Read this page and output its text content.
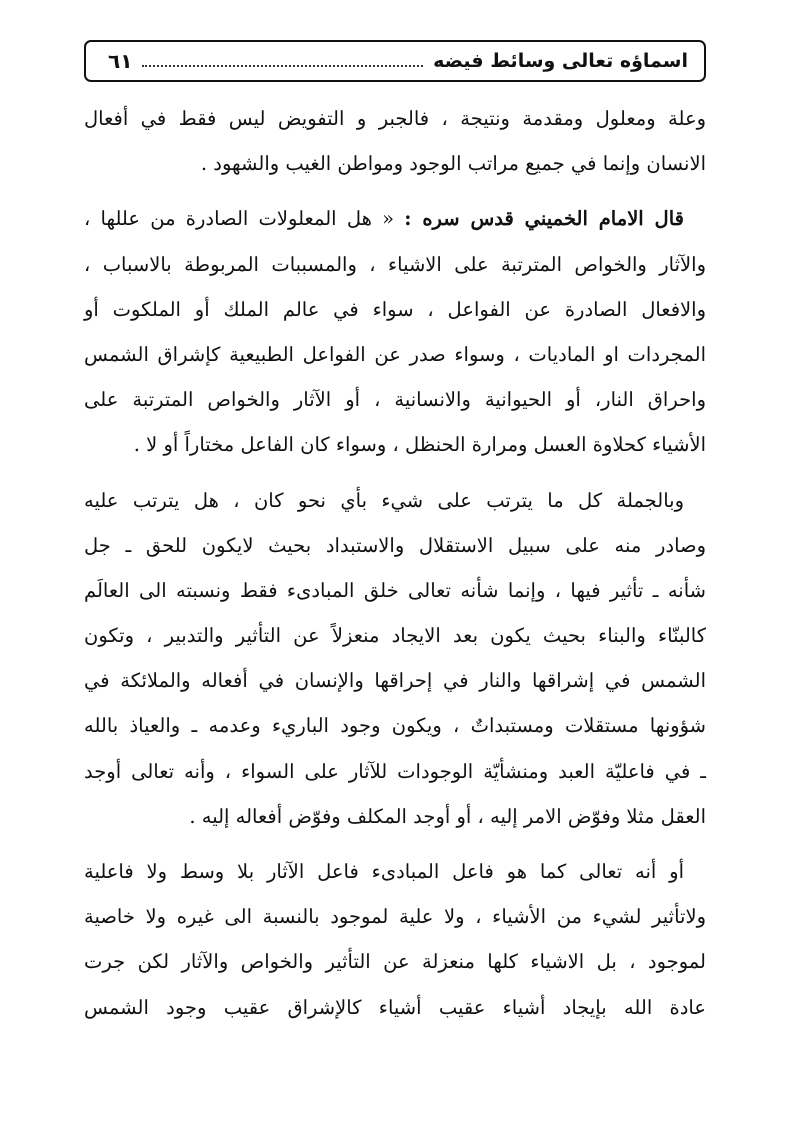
٦١	اسماؤه تعالى وسائط فيضه
وعلة ومعلول ومقدمة ونتيجة ، فالجبر و التفويض ليس فقط في أفعال
الانسان وإنما في جميع مراتب الوجود ومواطن الغيب والشهود .
قال الامام الخميني قدس سره : « هل المعلولات الصادرة من عللها ،
والآثار والخواص المترتبة على الاشياء ، والمسببات المربوطة بالاسباب ،
والافعال الصادرة عن الفواعل ، سواء في عالم الملك أو الملكوت أو
المجردات او الماديات ، وسواء صدر عن الفواعل الطبيعية كإشراق الشمس
واحراق النار، أو الحيوانية والانسانية ، أو الآثار والخواص المترتبة على
الأشياء كحلاوة العسل ومرارة الحنظل ، وسواء كان الفاعل مختاراً أو لا .
وبالجملة كل ما يترتب على شيء بأي نحو كان ، هل يترتب عليه
وصادر منه على سبيل الاستقلال والاستبداد بحيث لايكون للحق ـ جل
شأنه ـ تأثير فيها ، وإنما شأنه تعالى خلق المبادىء فقط ونسبته الى العالَم
كالبنّاء والبناء بحيث يكون بعد الايجاد منعزلاً عن التأثير والتدبير ، وتكون
الشمس في إشراقها والنار في إحراقها والإنسان في أفعاله والملائكة في
شؤونها مستقلات ومستبداتٌ ، ويكون وجود الباريء وعدمه ـ والعياذ بالله
ـ في فاعليّة العبد ومنشأيّة الوجودات للآثار على السواء ، وأنه تعالى أوجد
العقل مثلا وفوّض الامر إليه ، أو أوجد المكلف وفوّض أفعاله إليه .
أو أنه تعالى كما هو فاعل المبادىء فاعل الآثار بلا وسط ولا فاعلية
ولاتأثير لشيء من الأشياء ، ولا علية لموجود بالنسبة الى غيره ولا خاصية
لموجود ، بل الاشياء كلها منعزلة عن التأثير والخواص والآثار لكن جرت
عادة الله بإيجاد أشياء عقيب أشياء كالإشراق عقيب وجود الشمس
